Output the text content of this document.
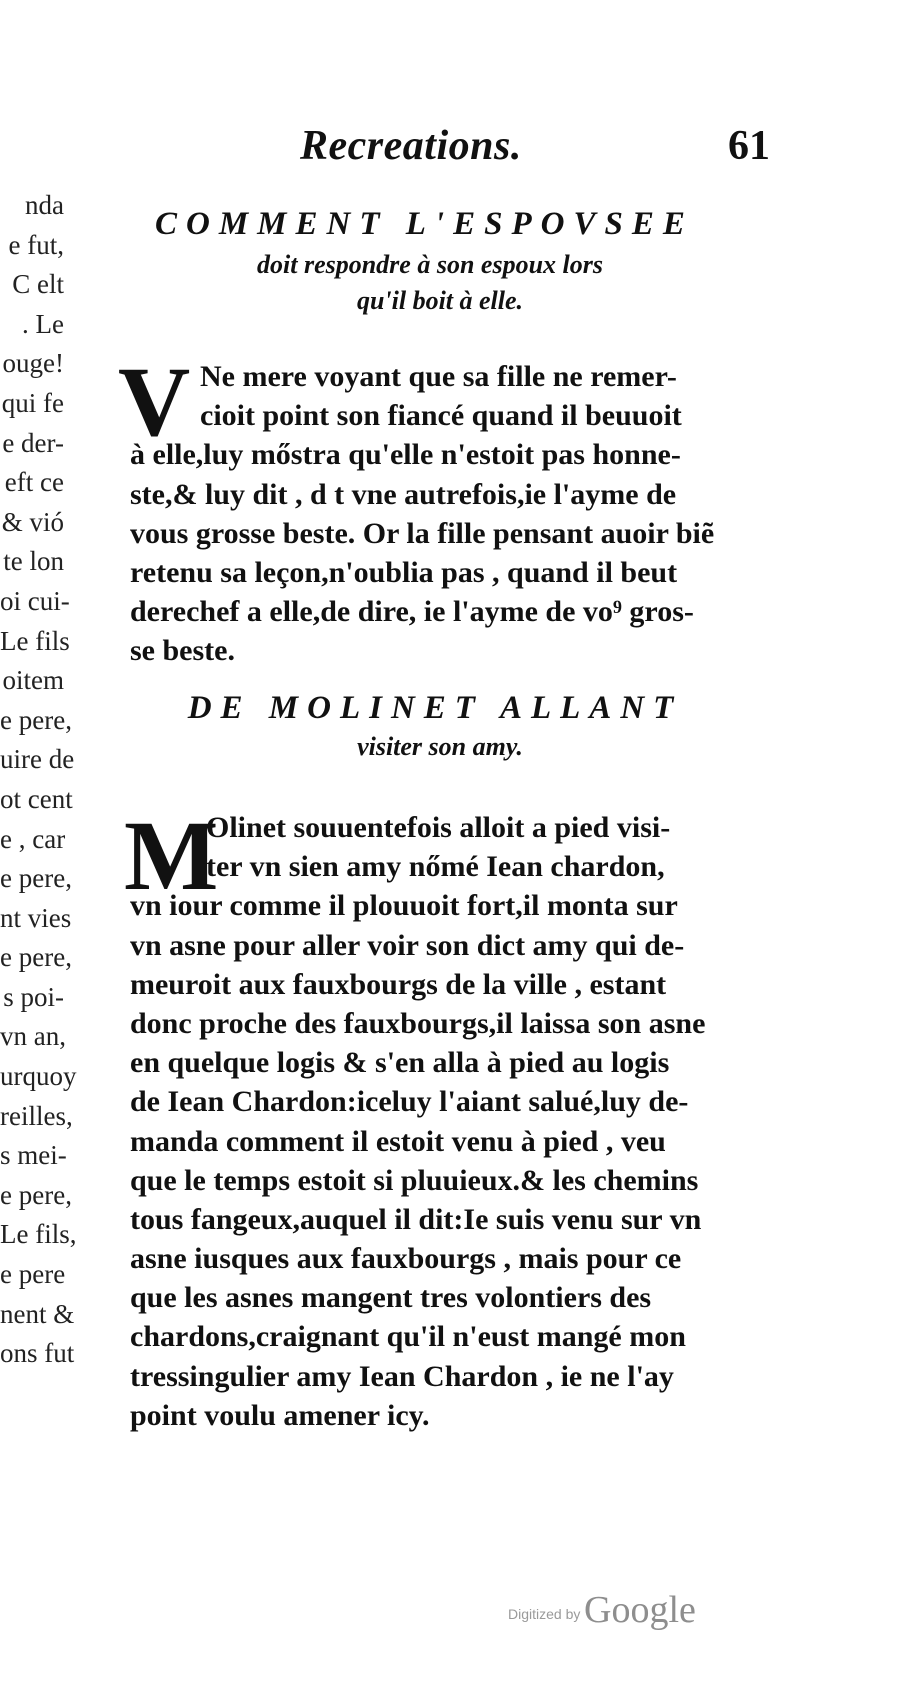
nda
e fut,
C elt
. Le
ouge!
qui fe
e der-
eft ce
& vió
te lon
oi cui-
Le fils
oitem
e pere,
uire de
ot cent
e , car
e pere,
nt vies
e pere,
s poi-
vn an,
urquoy
reilles,
s mei-
e pere,
Le fils,
e pere
nent &
ons fut
Recreations.	61
COMMENT L'ESPOVSEE
doit respondre à son espoux lors
qu'il boit à elle.
V Ne mere voyant que sa fille ne remer-
cioit point son fiancé quand il beuuoit
à elle,luy mőstra qu'elle n'estoit pas honne-
ste,& luy dit , d t vne autrefois,ie l'ayme de
vous grosse beste. Or la fille pensant auoir biẽ
retenu sa leçon,n'oublia pas , quand il beut
derechef a elle,de dire, ie l'ayme de vo⁹ gros-
se beste.
DE MOLINET ALLANT
visiter son amy.
M
Olinet souuentefois alloit a pied visi-
ter vn sien amy nőmé Iean chardon,
vn iour comme il plouuoit fort,il monta sur
vn asne pour aller voir son dict amy qui de-
meuroit aux fauxbourgs de la ville , estant
donc proche des fauxbourgs,il laissa son asne
en quelque logis & s'en alla à pied au logis
de Iean Chardon:iceluy l'aiant salué,luy de-
manda comment il estoit venu à pied , veu
que le temps estoit si pluuieux.& les chemins
tous fangeux,auquel il dit:Ie suis venu sur vn
asne iusques aux fauxbourgs , mais pour ce
que les asnes mangent tres volontiers des
chardons,craignant qu'il n'eust mangé mon
tressingulier amy Iean Chardon , ie ne l'ay
point voulu amener icy.
Digitized by Google
